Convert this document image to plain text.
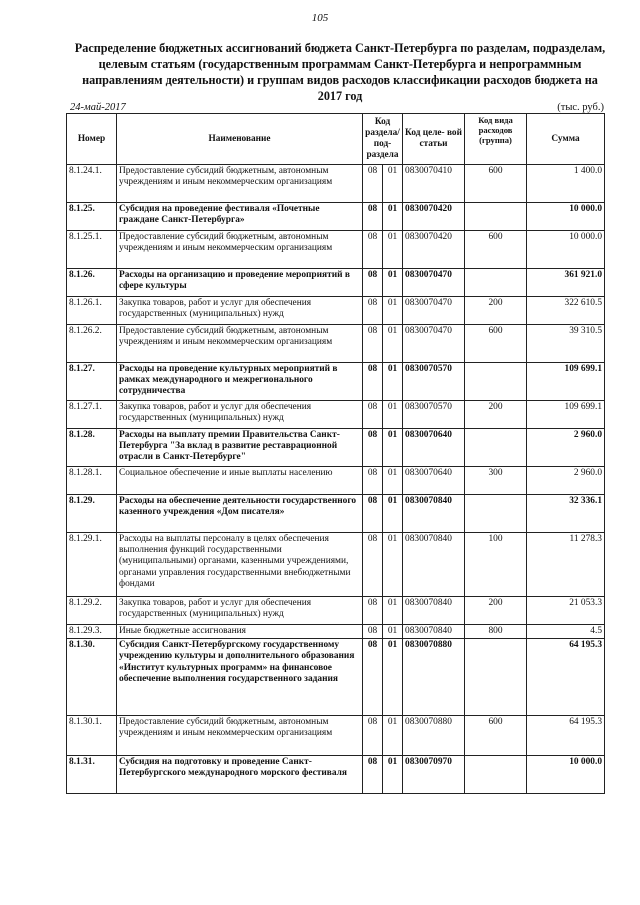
105
Распределение бюджетных ассигнований бюджета Санкт-Петербурга по разделам, подразделам, целевым статьям (государственным программам Санкт-Петербурга и непрограммным направлениям деятельности) и группам видов расходов классификации расходов бюджета на 2017 год
24-май-2017	(тыс. руб.)
Номер	Наименование	Код раздела/ под- раздела		Код целе- вой статьи	Код вида расходов (группа)	Сумма
8.1.24.1.	Предоставление субсидий бюджетным, автономным учреждениям и иным некоммерческим организациям	08	01	0830070410	600	1 400.0
8.1.25.	Субсидия на проведение фестиваля «Почетные граждане Санкт-Петербурга»	08	01	0830070420		10 000.0
8.1.25.1.	Предоставление субсидий бюджетным, автономным учреждениям и иным некоммерческим организациям	08	01	0830070420	600	10 000.0
8.1.26.	Расходы на организацию и проведение мероприятий в сфере культуры	08	01	0830070470		361 921.0
8.1.26.1.	Закупка товаров, работ и услуг для обеспечения государственных (муниципальных) нужд	08	01	0830070470	200	322 610.5
8.1.26.2.	Предоставление субсидий бюджетным, автономным учреждениям и иным некоммерческим организациям	08	01	0830070470	600	39 310.5
8.1.27.	Расходы на проведение культурных мероприятий в рамках международного и межрегионального сотрудничества	08	01	0830070570		109 699.1
8.1.27.1.	Закупка товаров, работ и услуг для обеспечения государственных (муниципальных) нужд	08	01	0830070570	200	109 699.1
8.1.28.	Расходы на выплату премии Правительства Санкт-Петербурга "За вклад в развитие реставрационной отрасли в Санкт-Петербурге"	08	01	0830070640		2 960.0
8.1.28.1.	Социальное обеспечение и иные выплаты населению	08	01	0830070640	300	2 960.0
8.1.29.	Расходы на обеспечение деятельности государственного казенного учреждения «Дом писателя»	08	01	0830070840		32 336.1
8.1.29.1.	Расходы на выплаты персоналу в целях обеспечения выполнения функций государственными (муниципальными) органами, казенными учреждениями, органами управления государственными внебюджетными фондами	08	01	0830070840	100	11 278.3
8.1.29.2.	Закупка товаров, работ и услуг для обеспечения государственных (муниципальных) нужд	08	01	0830070840	200	21 053.3
8.1.29.3.	Иные бюджетные ассигнования	08	01	0830070840	800	4.5
8.1.30.	Субсидия Санкт-Петербургскому государственному учреждению культуры и дополнительного образования «Институт культурных программ» на финансовое обеспечение выполнения государственного задания	08	01	0830070880		64 195.3
8.1.30.1.	Предоставление субсидий бюджетным, автономным учреждениям и иным некоммерческим организациям	08	01	0830070880	600	64 195.3
8.1.31.	Субсидия на подготовку и проведение Санкт-Петербургского международного морского фестиваля	08	01	0830070970		10 000.0
